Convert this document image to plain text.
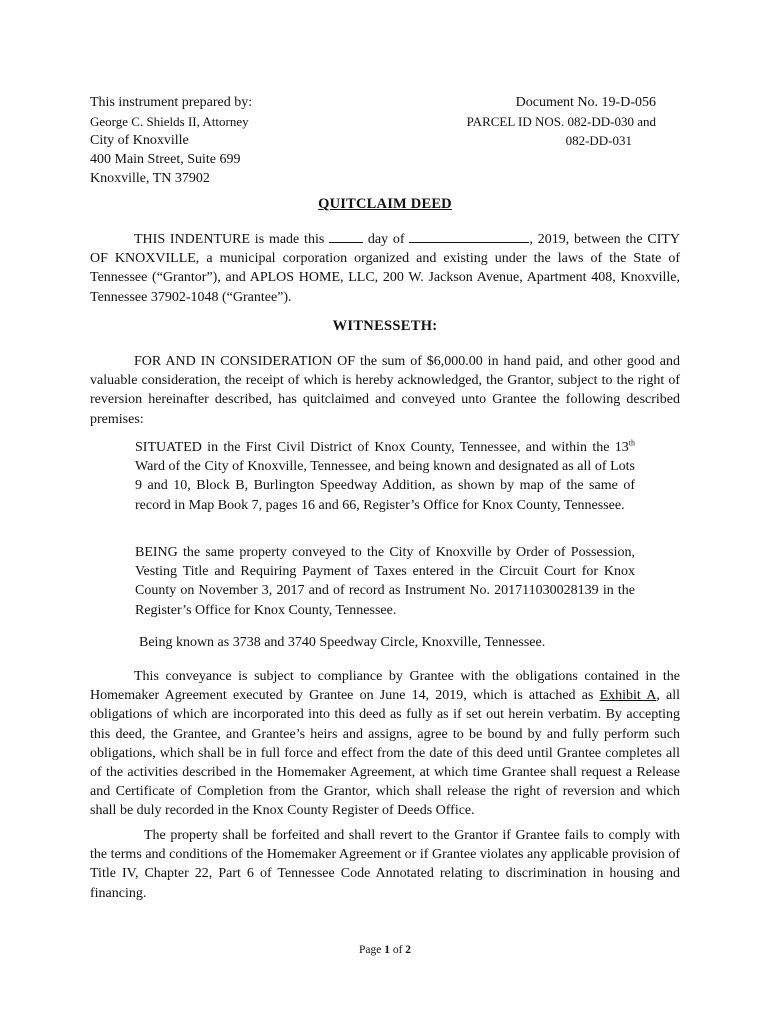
This instrument prepared by:
George C. Shields II, Attorney
City of Knoxville
400 Main Street, Suite 699
Knoxville, TN 37902
Document No. 19-D-056
PARCEL ID NOS. 082-DD-030 and
082-DD-031
QUITCLAIM DEED
THIS INDENTURE is made this	day of	, 2019, between the CITY OF KNOXVILLE, a municipal corporation organized and existing under the laws of the State of Tennessee (“Grantor”), and APLOS HOME, LLC, 200 W. Jackson Avenue, Apartment 408, Knoxville, Tennessee 37902-1048 (“Grantee”).
WITNESSETH:
FOR AND IN CONSIDERATION OF the sum of $6,000.00 in hand paid, and other good and valuable consideration, the receipt of which is hereby acknowledged, the Grantor, subject to the right of reversion hereinafter described, has quitclaimed and conveyed unto Grantee the following described premises:
SITUATED in the First Civil District of Knox County, Tennessee, and within the 13th Ward of the City of Knoxville, Tennessee, and being known and designated as all of Lots 9 and 10, Block B, Burlington Speedway Addition, as shown by map of the same of record in Map Book 7, pages 16 and 66, Register’s Office for Knox County, Tennessee.
BEING the same property conveyed to the City of Knoxville by Order of Possession, Vesting Title and Requiring Payment of Taxes entered in the Circuit Court for Knox County on November 3, 2017 and of record as Instrument No. 201711030028139 in the Register’s Office for Knox County, Tennessee.
Being known as 3738 and 3740 Speedway Circle, Knoxville, Tennessee.
This conveyance is subject to compliance by Grantee with the obligations contained in the Homemaker Agreement executed by Grantee on June 14, 2019, which is attached as Exhibit A, all obligations of which are incorporated into this deed as fully as if set out herein verbatim. By accepting this deed, the Grantee, and Grantee’s heirs and assigns, agree to be bound by and fully perform such obligations, which shall be in full force and effect from the date of this deed until Grantee completes all of the activities described in the Homemaker Agreement, at which time Grantee shall request a Release and Certificate of Completion from the Grantor, which shall release the right of reversion and which shall be duly recorded in the Knox County Register of Deeds Office.
The property shall be forfeited and shall revert to the Grantor if Grantee fails to comply with the terms and conditions of the Homemaker Agreement or if Grantee violates any applicable provision of Title IV, Chapter 22, Part 6 of Tennessee Code Annotated relating to discrimination in housing and financing.
Page 1 of 2
